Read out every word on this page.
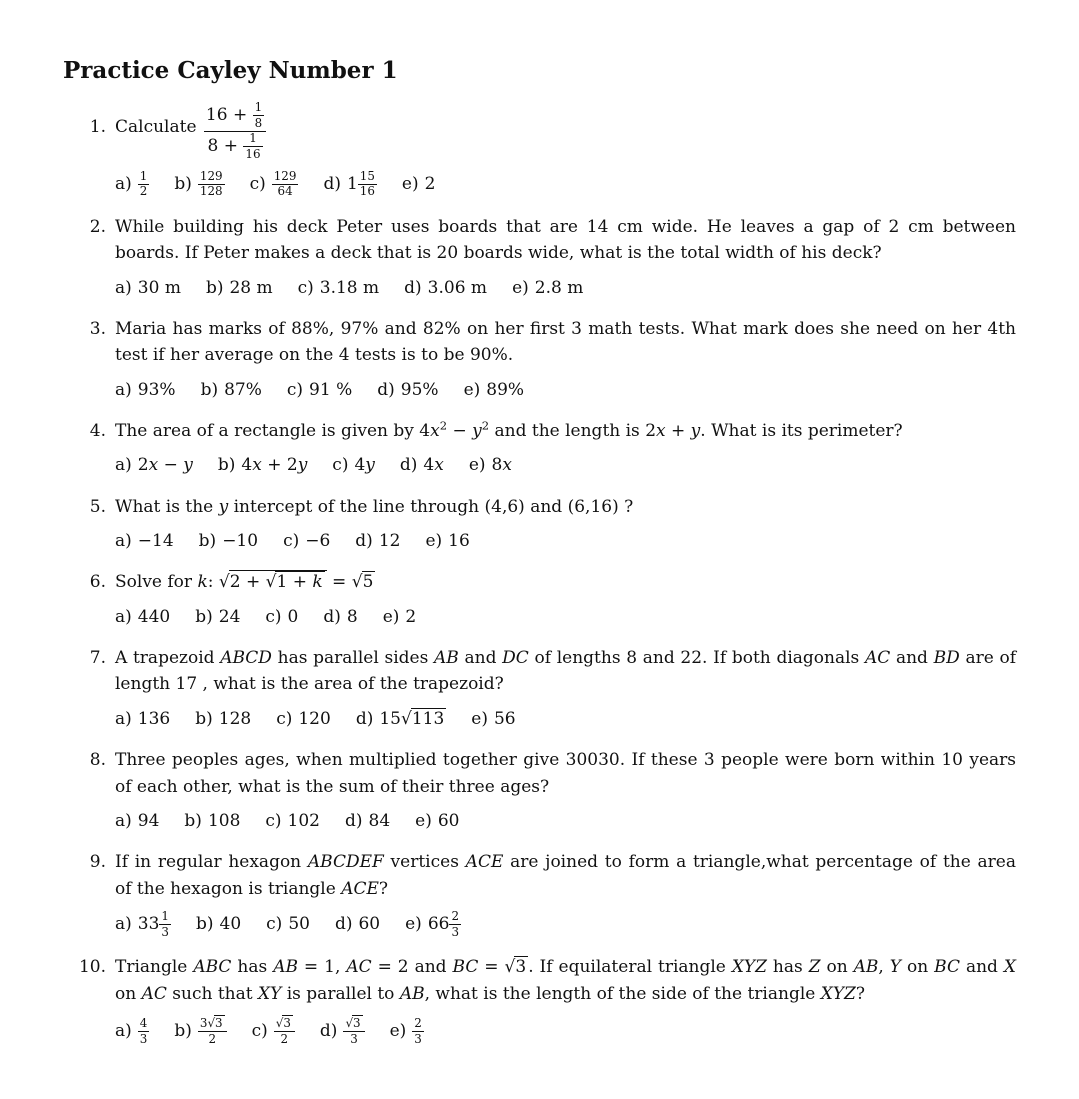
Practice Cayley Number 1
1. Calculate $\frac{16 + \frac{1}{8}}{8 + \frac{1}{16}}$
$a) \frac{1}{2} b) \frac{129}{128} c) \frac{129}{64} d$) $1 \frac{15}{16} e$) 2
2. While building his deck Peter uses boards that are 14 cm wide. He leaves a gap of 2 cm between boards. If Peter makes a deck that is 20 boards wide, what is the total width of his deck?
a) 30 m b) 28 m c) 3.18 m d) 3.06 m e) 2.8 m
3. Maria has marks of 88%, 97% and 82% on her first 3 math tests. What mark does she need on her 4th test if her average on the 4 tests is to be 90%.
a) 93% b) 87% c) 91 % d) 95% e) 89%
4. The area of a rectangle is given by $4x^2 - y^2$ and the length is 2x + y. What is its perimeter?
a) 2x − y b) 4x + 2y c) 4y d) 4x e) 8x
5. What is the y intercept of the line through (4,6) and (6,16) ?
a) −14 b) −10 c) −6 d) 12 e) 16
6. Solve for k: √2 + √1 + k = √5
a) 440 b) 24 c) 0 d) 8 e) 2
7. A trapezoid ABCD has parallel sides AB and DC of lengths 8 and 22. If both diagonals AC and BD are of length 17 , what is the area of the trapezoid?
a) 136 b) 128 c) 120 d) 15√113 e) 56
8. Three peoples ages, when multiplied together give 30030. If these 3 people were born within 10 years of each other, what is the sum of their three ages?
a) 94 b) 108 c) 102 d) 84 e) 60
9. If in regular hexagon ABCDEF vertices ACE are joined to form a triangle,what percentage of the area of the hexagon is triangle ACE?
a) $33 \frac{1}{3} b$) 40 c) 50 d) 60 e) $66 \frac{2}{3}$
10. Triangle ABC has AB = 1, AC = 2 and BC = √3 . If equilateral triangle XYZ has Z on AB, Y on BC and X on AC such that XY is parallel to AB, what is the length of the side of the triangle XYZ?
$a) \frac{4}{3} b) \frac{3√3}{2} c) \frac{√3}{2} d) \frac{√3}{3} e) \frac{2}{3}$
